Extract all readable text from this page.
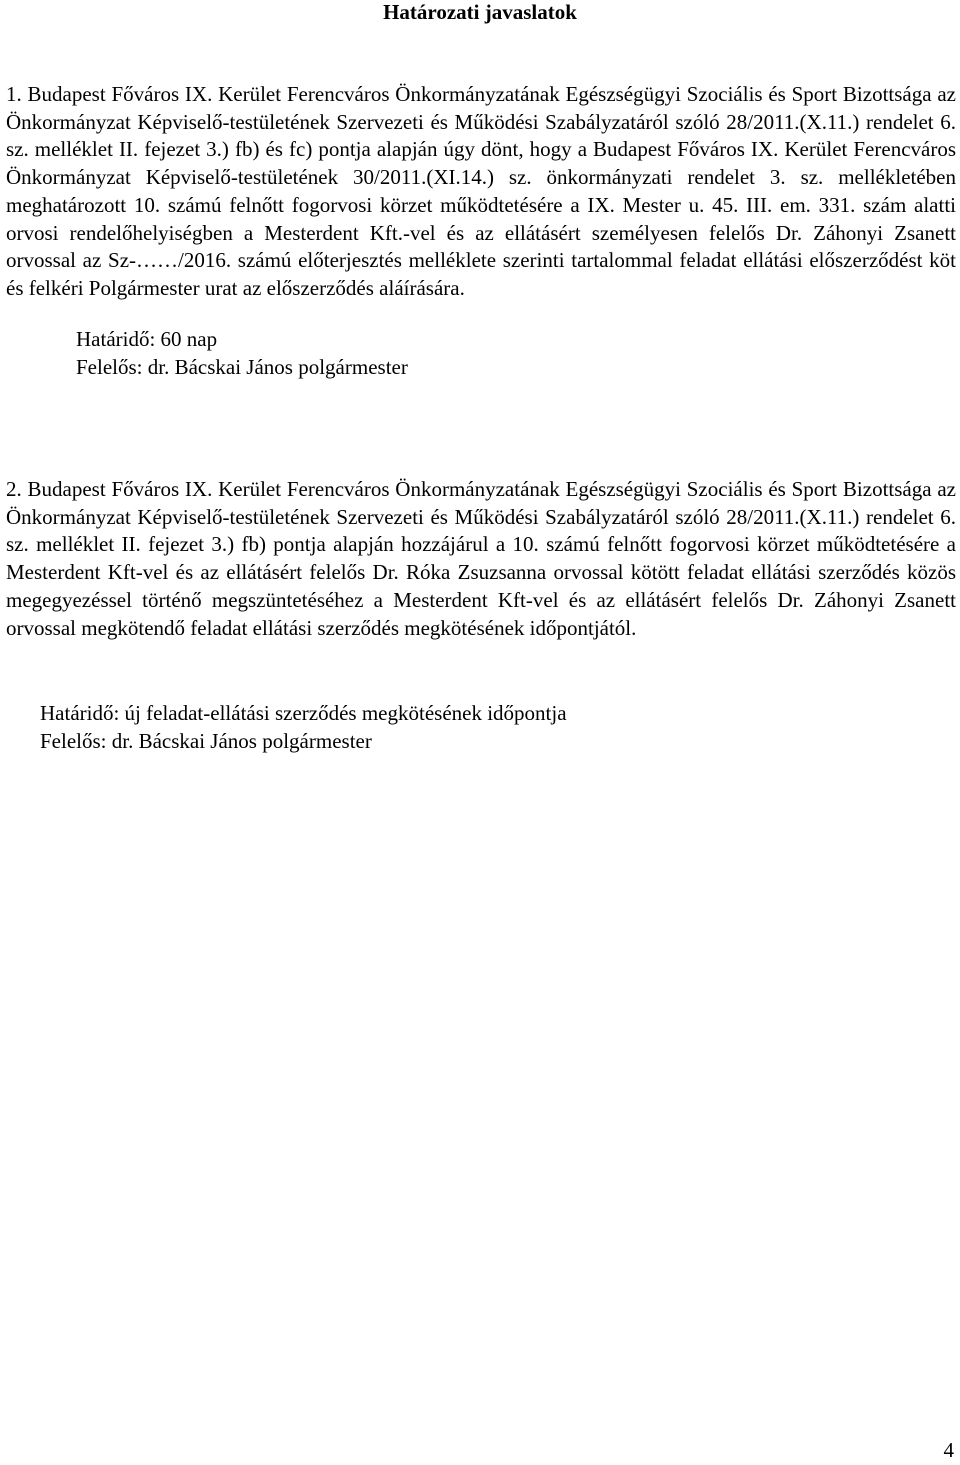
Határozati javaslatok

1. Budapest Főváros IX. Kerület Ferencváros Önkormányzatának Egészségügyi Szociális és Sport Bizottsága az Önkormányzat Képviselő-testületének Szervezeti és Működési Szabályzatáról szóló 28/2011.(X.11.) rendelet 6. sz. melléklet II. fejezet 3.) fb) és fc) pontja alapján úgy dönt, hogy a Budapest Főváros IX. Kerület Ferencváros Önkormányzat Képviselő-testületének 30/2011.(XI.14.) sz. önkormányzati rendelet 3. sz. mellékletében meghatározott 10. számú felnőtt fogorvosi körzet működtetésére a IX. Mester u. 45. III. em. 331. szám alatti orvosi rendelőhelyiségben a Mesterdent Kft.-vel és az ellátásért személyesen felelős Dr. Záhonyi Zsanett orvossal az Sz-……/2016. számú előterjesztés melléklete szerinti tartalommal feladat ellátási előszerződést köt és felkéri Polgármester urat az előszerződés aláírására.

Határidő: 60 nap
Felelős: dr. Bácskai János polgármester

2. Budapest Főváros IX. Kerület Ferencváros Önkormányzatának Egészségügyi Szociális és Sport Bizottsága az Önkormányzat Képviselő-testületének Szervezeti és Működési Szabályzatáról szóló 28/2011.(X.11.) rendelet 6. sz. melléklet II. fejezet 3.) fb) pontja alapján hozzájárul a 10. számú felnőtt fogorvosi körzet működtetésére a Mesterdent Kft-vel és az ellátásért felelős Dr. Róka Zsuzsanna orvossal kötött feladat ellátási szerződés közös megegyezéssel történő megszüntetéséhez a Mesterdent Kft-vel és az ellátásért felelős Dr. Záhonyi Zsanett orvossal megkötendő feladat ellátási szerződés megkötésének időpontjától.

Határidő: új feladat-ellátási szerződés megkötésének időpontja
Felelős: dr. Bácskai János polgármester
4
